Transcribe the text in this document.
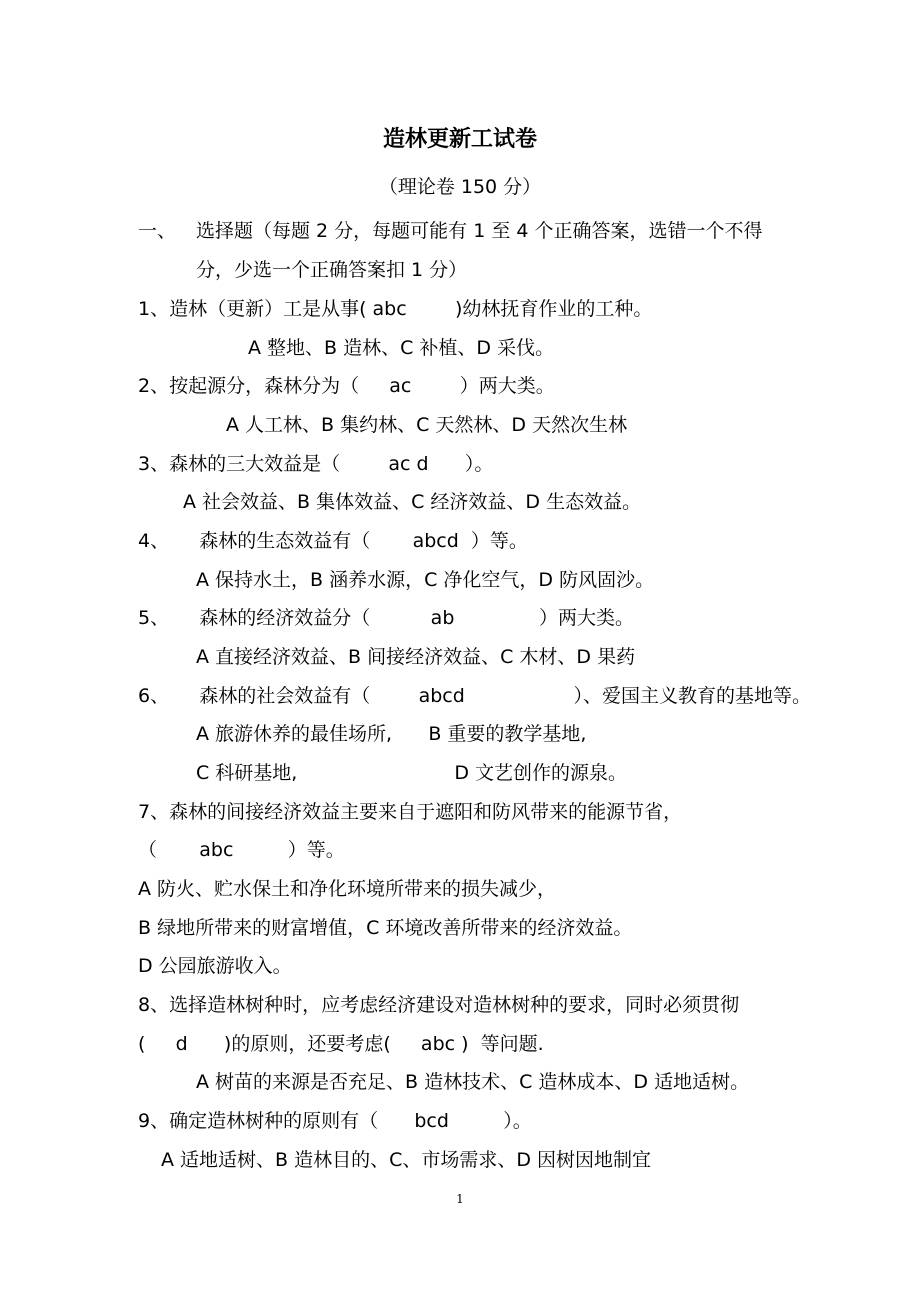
造林更新工试卷
（理论卷 150 分）
一、 选择题（每题 2 分，每题可能有 1 至 4 个正确答案，选错一个不得
分，少选一个正确答案扣 1 分）
1、造林（更新）工是从事( abc        )幼林抚育作业的工种。
A 整地、B 造林、C 补植、D 采伐。
2、按起源分，森林分为（     ac        ）两大类。
A 人工林、B 集约林、C 天然林、D 天然次生林
3、森林的三大效益是（        ac d      ）。
A 社会效益、B 集体效益、C 经济效益、D 生态效益。
4、     森林的生态效益有（       abcd  ）等。
A 保持水土，B 涵养水源，C 净化空气，D 防风固沙。
5、     森林的经济效益分（          ab              ）两大类。
A 直接经济效益、B 间接经济效益、C 木材、D 果药
6、     森林的社会效益有（        abcd                  ）、爱国主义教育的基地等。
A 旅游休养的最佳场所,      B 重要的教学基地,
C 科研基地,                          D 文艺创作的源泉。
7、森林的间接经济效益主要来自于遮阳和防风带来的能源节省，
（       abc         ）等。
A 防火、贮水保土和净化环境所带来的损失减少，
B 绿地所带来的财富增值，C 环境改善所带来的经济效益。
D 公园旅游收入。
8、选择造林树种时，应考虑经济建设对造林树种的要求，同时必须贯彻
(     d      )的原则，还要考虑(     abc )  等问题.
A 树苗的来源是否充足、B 造林技术、C 造林成本、D 适地适树。
9、确定造林树种的原则有（      bcd         ）。
A 适地适树、B 造林目的、C、市场需求、D 因树因地制宜
1
